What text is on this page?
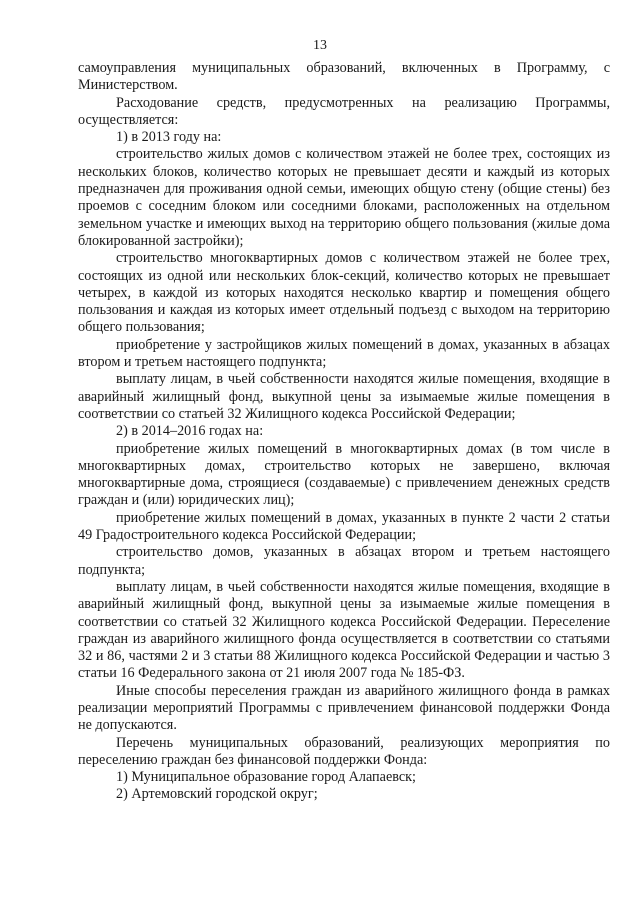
13

самоуправления муниципальных образований, включенных в Программу, с Министерством.

Расходование средств, предусмотренных на реализацию Программы, осуществляется:

1) в 2013 году на:

строительство жилых домов с количеством этажей не более трех, состоящих из нескольких блоков, количество которых не превышает десяти и каждый из которых предназначен для проживания одной семьи, имеющих общую стену (общие стены) без проемов с соседним блоком или соседними блоками, расположенных на отдельном земельном участке и имеющих выход на территорию общего пользования (жилые дома блокированной застройки);

строительство многоквартирных домов с количеством этажей не более трех, состоящих из одной или нескольких блок-секций, количество которых не превышает четырех, в каждой из которых находятся несколько квартир и помещения общего пользования и каждая из которых имеет отдельный подъезд с выходом на территорию общего пользования;

приобретение у застройщиков жилых помещений в домах, указанных в абзацах втором и третьем настоящего подпункта;

выплату лицам, в чьей собственности находятся жилые помещения, входящие в аварийный жилищный фонд, выкупной цены за изымаемые жилые помещения в соответствии со статьей 32 Жилищного кодекса Российской Федерации;

2) в 2014–2016 годах на:

приобретение жилых помещений в многоквартирных домах (в том числе в многоквартирных домах, строительство которых не завершено, включая многоквартирные дома, строящиеся (создаваемые) с привлечением денежных средств граждан и (или) юридических лиц);

приобретение жилых помещений в домах, указанных в пункте 2 части 2 статьи 49 Градостроительного кодекса Российской Федерации;

строительство домов, указанных в абзацах втором и третьем настоящего подпункта;

выплату лицам, в чьей собственности находятся жилые помещения, входящие в аварийный жилищный фонд, выкупной цены за изымаемые жилые помещения в соответствии со статьей 32 Жилищного кодекса Российской Федерации. Переселение граждан из аварийного жилищного фонда осуществляется в соответствии со статьями 32 и 86, частями 2 и 3 статьи 88 Жилищного кодекса Российской Федерации и частью 3 статьи 16 Федерального закона от 21 июля 2007 года № 185-ФЗ.

Иные способы переселения граждан из аварийного жилищного фонда в рамках реализации мероприятий Программы с привлечением финансовой поддержки Фонда не допускаются.

Перечень муниципальных образований, реализующих мероприятия по переселению граждан без финансовой поддержки Фонда:

1) Муниципальное образование город Алапаевск;

2) Артемовский городской округ;
